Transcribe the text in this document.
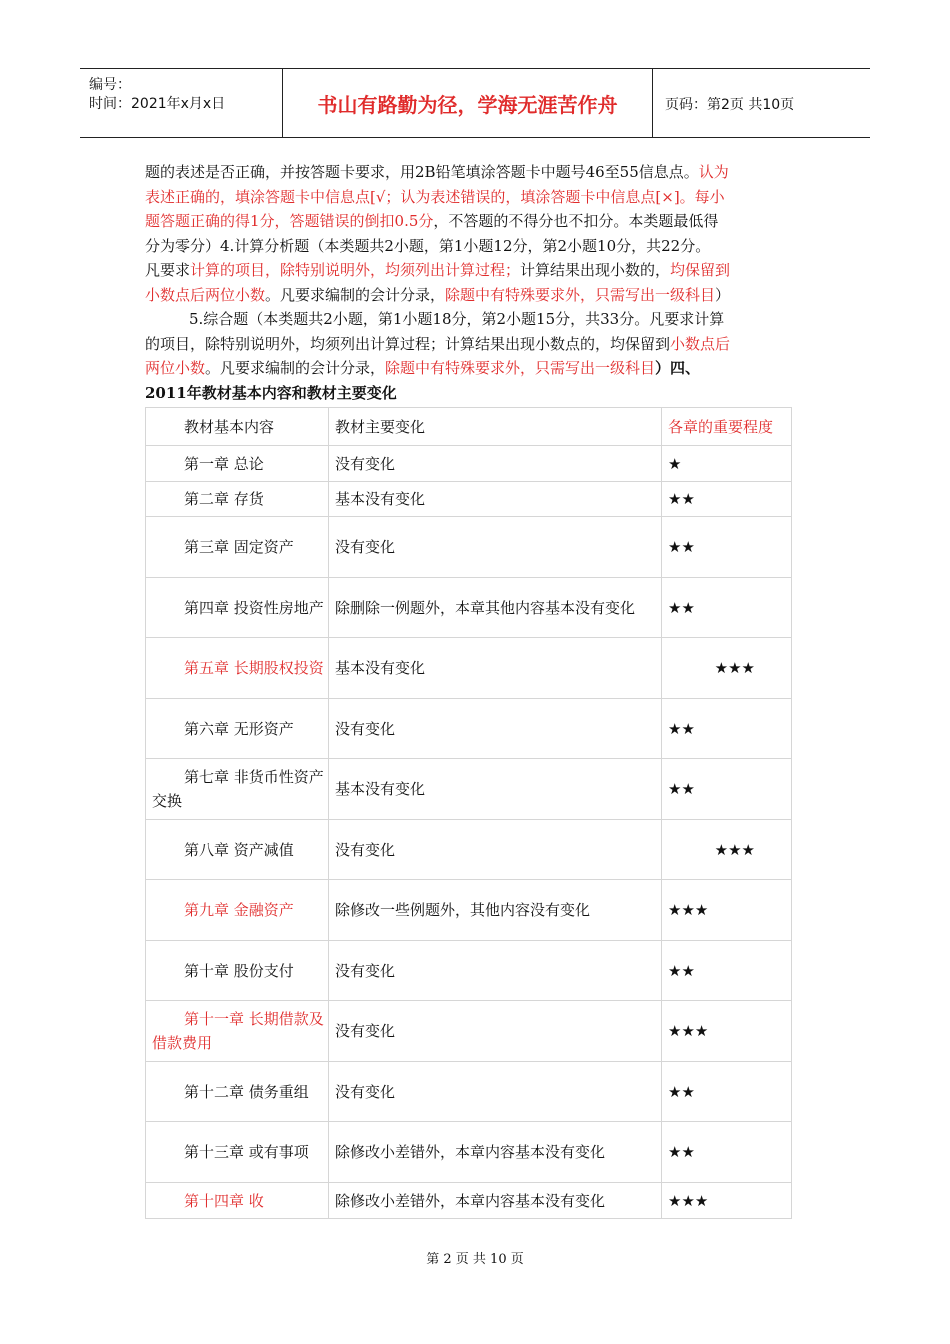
编号：
时间：2021年x月x日	书山有路勤为径，学海无涯苦作舟	页码：第2页 共10页

题的表述是否正确，并按答题卡要求，用2B铅笔填涂答题卡中题号46至55信息点。认为

表述正确的，填涂答题卡中信息点[√；认为表述错误的，填涂答题卡中信息点[×]。每小

题答题正确的得1分，答题错误的倒扣0.5分，不答题的不得分也不扣分。本类题最低得

分为零分）4.计算分析题（本类题共2小题，第1小题12分，第2小题10分，共22分。

凡要求计算的项目，除特别说明外，均须列出计算过程；计算结果出现小数的，均保留到

小数点后两位小数。凡要求编制的会计分录，除题中有特殊要求外，只需写出一级科目）

5.综合题（本类题共2小题，第1小题18分，第2小题15分，共33分。凡要求计算

的项目，除特别说明外，均须列出计算过程；计算结果出现小数点的，均保留到小数点后

两位小数。凡要求编制的会计分录，除题中有特殊要求外，只需写出一级科目）四、

2011年教材基本内容和教材主要变化

教材基本内容	教材主要变化	各章的重要程度

第一章 总论	没有变化	★

第二章 存货	基本没有变化	★★

第三章 固定资产	没有变化	★★

第四章 投资性房地产	除删除一例题外，本章其他内容基本没有变化	★★

第五章 长期股权投资	基本没有变化	★★★

第六章 无形资产	没有变化	★★

第七章 非货币性资产交换	基本没有变化	★★

第八章 资产减值	没有变化	★★★

第九章 金融资产	除修改一些例题外，其他内容没有变化	★★★

第十章 股份支付	没有变化	★★

第十一章 长期借款及借款费用	没有变化	★★★

第十二章 债务重组	没有变化	★★

第十三章 或有事项	除修改小差错外，本章内容基本没有变化	★★

第十四章 收	除修改小差错外，本章内容基本没有变化	★★★
第 2 页 共 10 页
